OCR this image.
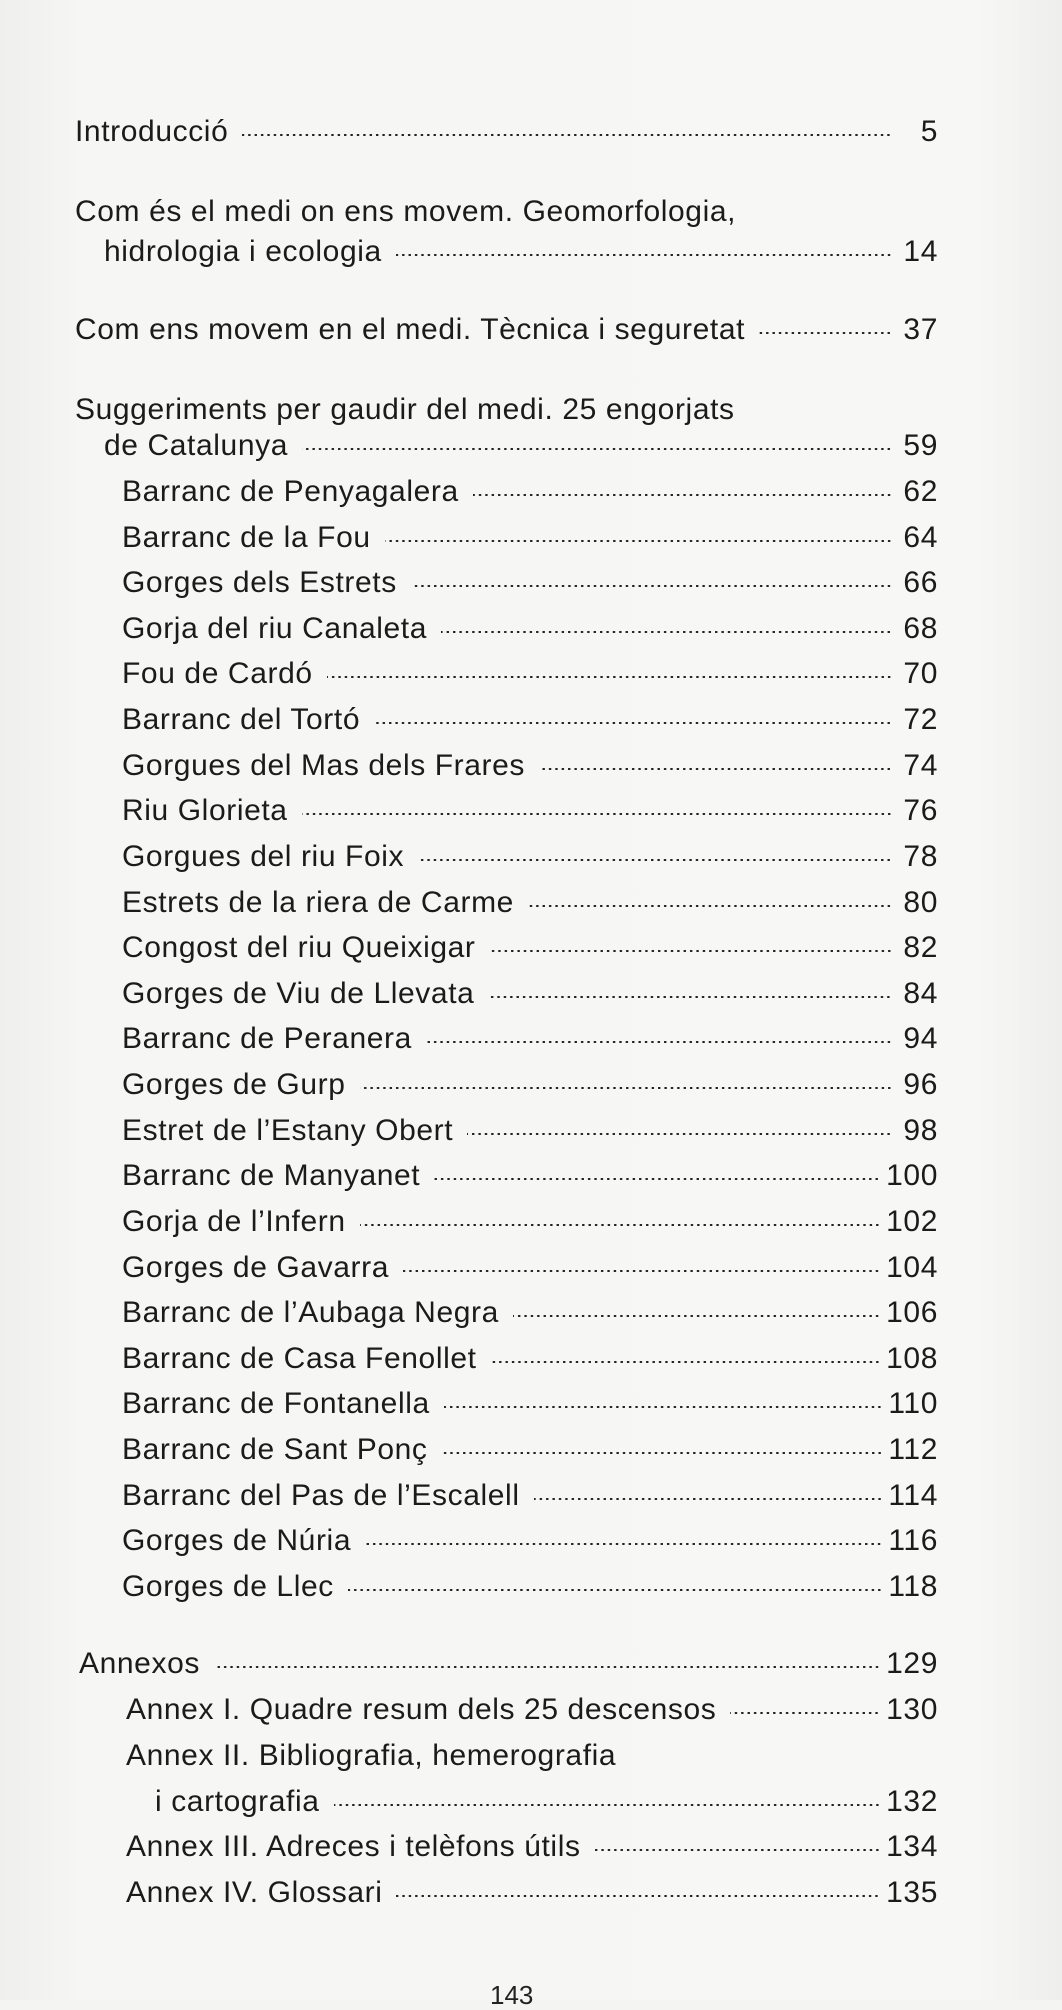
Introducció	5
Com és el medi on ens movem. Geomorfologia,
hidrologia i ecologia	14
Com ens movem en el medi. Tècnica i seguretat	37
Suggeriments per gaudir del medi. 25 engorjats
de Catalunya	59
Barranc de Penyagalera	62
Barranc de la Fou	64
Gorges dels Estrets	66
Gorja del riu Canaleta	68
Fou de Cardó	70
Barranc del Tortó	72
Gorgues del Mas dels Frares	74
Riu Glorieta	76
Gorgues del riu Foix	78
Estrets de la riera de Carme	80
Congost del riu Queixigar	82
Gorges de Viu de Llevata	84
Barranc de Peranera	94
Gorges de Gurp	96
Estret de l’Estany Obert	98
Barranc de Manyanet	100
Gorja de l’Infern	102
Gorges de Gavarra	104
Barranc de l’Aubaga Negra	106
Barranc de Casa Fenollet	108
Barranc de Fontanella	110
Barranc de Sant Ponç	112
Barranc del Pas de l’Escalell	114
Gorges de Núria	116
Gorges de Llec	118
Annexos	129
Annex I. Quadre resum dels 25 descensos	130
Annex II. Bibliografia, hemerografia
i cartografia	132
Annex III. Adreces i telèfons útils	134
Annex IV. Glossari	135
143
